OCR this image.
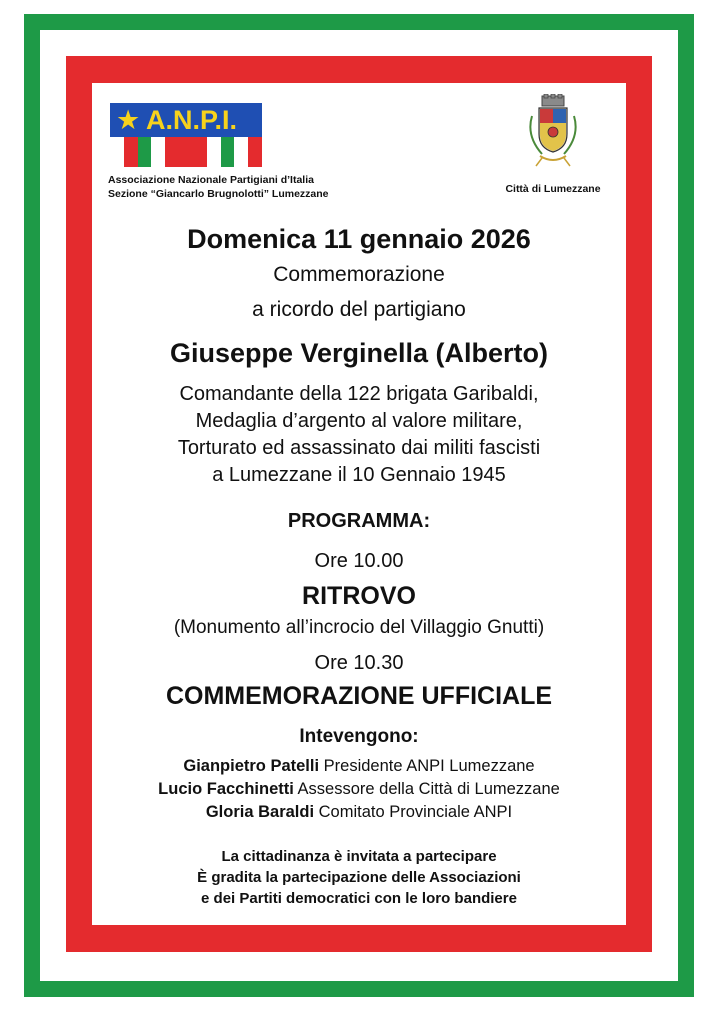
★ A.N.P.I.
Associazione Nazionale Partigiani d’Italia
Sezione “Giancarlo Brugnolotti” Lumezzane	Città di Lumezzane
Domenica 11 gennaio 2026
Commemorazione
a ricordo del partigiano
Giuseppe Verginella (Alberto)
Comandante della 122 brigata Garibaldi,
Medaglia d’argento al valore militare,
Torturato ed assassinato dai militi fascisti
a Lumezzane il 10 Gennaio 1945
PROGRAMMA:
Ore 10.00
RITROVO
(Monumento all’incrocio del Villaggio Gnutti)
Ore 10.30
COMMEMORAZIONE UFFICIALE
Intevengono:
Gianpietro Patelli Presidente ANPI Lumezzane
Lucio Facchinetti Assessore della Città di Lumezzane
Gloria Baraldi Comitato Provinciale ANPI
La cittadinanza è invitata a partecipare
È gradita la partecipazione delle Associazioni
e dei Partiti democratici con le loro bandiere
